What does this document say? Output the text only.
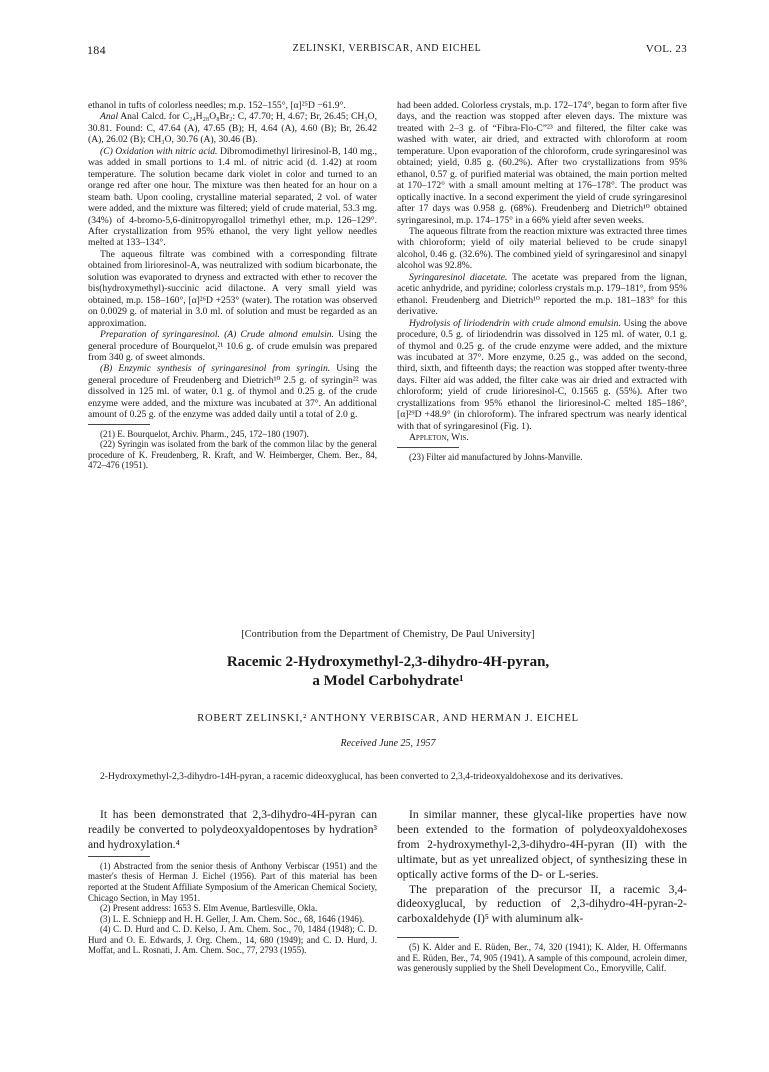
184	ZELINSKI, VERBISCAR, AND EICHEL	VOL. 23

ethanol in tufts of colorless needles; m.p. 152–155°, [α]²⁵D −61.9°.

Anal Anal Calcd. for C₂₄H₂₈O₈Br₂: C, 47.70; H, 4.67; Br, 26.45; CH₃O, 30.81. Found: C, 47.64 (A), 47.65 (B); H, 4.64 (A), 4.60 (B); Br, 26.42 (A), 26.02 (B); CH₃O, 30.76 (A), 30.46 (B).

(C) Oxidation with nitric acid. Dibromodimethyl liriresinol-B, 140 mg., was added in small portions to 1.4 ml. of nitric acid (d. 1.42) at room temperature. The solution became dark violet in color and turned to an orange red after one hour. The mixture was then heated for an hour on a steam bath. Upon cooling, crystalline material separated, 2 vol. of water were added, and the mixture was filtered; yield of crude material, 53.3 mg. (34%) of 4-bromo-5,6-dinitropyrogallol trimethyl ether, m.p. 126–129°. After crystallization from 95% ethanol, the very light yellow needles melted at 133–134°.

The aqueous filtrate was combined with a corresponding filtrate obtained from lirioresinol-A, was neutralized with sodium bicarbonate, the solution was evaporated to dryness and extracted with ether to recover the bis(hydroxymethyl)-succinic acid dilactone. A very small yield was obtained, m.p. 158–160°, [α]²⁶D +253° (water). The rotation was observed on 0.0029 g. of material in 3.0 ml. of solution and must be regarded as an approximation.

Preparation of syringaresinol. (A) Crude almond emulsin. Using the general procedure of Bourquelot,²¹ 10.6 g. of crude emulsin was prepared from 340 g. of sweet almonds.

(B) Enzymic synthesis of syringaresinol from syringin. Using the general procedure of Freudenberg and Dietrich¹⁰ 2.5 g. of syringin²² was dissolved in 125 ml. of water, 0.1 g. of thymol and 0.25 g. of the crude enzyme were added, and the mixture was incubated at 37°. An additional amount of 0.25 g. of the enzyme was added daily until a total of 2.0 g.

(21) E. Bourquelot, Archiv. Pharm., 245, 172–180 (1907).

(22) Syringin was isolated from the bark of the common lilac by the general procedure of K. Freudenberg, R. Kraft, and W. Heimberger, Chem. Ber., 84, 472–476 (1951).

had been added. Colorless crystals, m.p. 172–174°, began to form after five days, and the reaction was stopped after eleven days. The mixture was treated with 2–3 g. of “Fibra-Flo-C”²³ and filtered, the filter cake was washed with water, air dried, and extracted with chloroform at room temperature. Upon evaporation of the chloroform, crude syringaresinol was obtained; yield, 0.85 g. (60.2%). After two crystallizations from 95% ethanol, 0.57 g. of purified material was obtained, the main portion melted at 170–172° with a small amount melting at 176–178°. The product was optically inactive. In a second experiment the yield of crude syringaresinol after 17 days was 0.958 g. (68%). Freudenberg and Dietrich¹⁰ obtained syringaresinol, m.p. 174–175° in a 66% yield after seven weeks.

The aqueous filtrate from the reaction mixture was extracted three times with chloroform; yield of oily material believed to be crude sinapyl alcohol, 0.46 g. (32.6%). The combined yield of syringaresinol and sinapyl alcohol was 92.8%.

Syringaresinol diacetate. The acetate was prepared from the lignan, acetic anhydride, and pyridine; colorless crystals m.p. 179–181°, from 95% ethanol. Freudenberg and Dietrich¹⁰ reported the m.p. 181–183° for this derivative.

Hydrolysis of liriodendrin with crude almond emulsin. Using the above procedure, 0.5 g. of liriodendrin was dissolved in 125 ml. of water, 0.1 g. of thymol and 0.25 g. of the crude enzyme were added, and the mixture was incubated at 37°. More enzyme, 0.25 g., was added on the second, third, sixth, and fifteenth days; the reaction was stopped after twenty-three days. Filter aid was added, the filter cake was air dried and extracted with chloroform; yield of crude lirioresinol-C, 0.1565 g. (55%). After two crystallizations from 95% ethanol the lirioresinol-C melted 185–186°, [α]²⁹D +48.9° (in chloroform). The infrared spectrum was nearly identical with that of syringaresinol (Fig. 1).

Appleton, Wis.

(23) Filter aid manufactured by Johns-Manville.

[Contribution from the Department of Chemistry, De Paul University]
Racemic 2-Hydroxymethyl-2,3-dihydro-4H-pyran,
a Model Carbohydrate¹
ROBERT ZELINSKI,² ANTHONY VERBISCAR, AND HERMAN J. EICHEL
Received June 25, 1957
2-Hydroxymethyl-2,3-dihydro-14H-pyran, a racemic dideoxyglucal, has been converted to 2,3,4-trideoxyaldohexose and its derivatives.

It has been demonstrated that 2,3-dihydro-4H-pyran can readily be converted to polydeoxyaldopentoses by hydration³ and hydroxylation.⁴

(1) Abstracted from the senior thesis of Anthony Verbiscar (1951) and the master's thesis of Herman J. Eichel (1956). Part of this material has been reported at the Student Affiliate Symposium of the American Chemical Society, Chicago Section, in May 1951.

(2) Present address: 1653 S. Elm Avenue, Bartlesville, Okla.

(3) L. E. Schniepp and H. H. Geller, J. Am. Chem. Soc., 68, 1646 (1946).

(4) C. D. Hurd and C. D. Kelso, J. Am. Chem. Soc., 70, 1484 (1948); C. D. Hurd and O. E. Edwards, J. Org. Chem., 14, 680 (1949); and C. D. Hurd, J. Moffat, and L. Rosnati, J. Am. Chem. Soc., 77, 2793 (1955).

In similar manner, these glycal-like properties have now been extended to the formation of polydeoxyaldohexoses from 2-hydroxymethyl-2,3-dihydro-4H-pyran (II) with the ultimate, but as yet unrealized object, of synthesizing these in optically active forms of the D- or L-series.

The preparation of the precursor II, a racemic 3,4-dideoxyglucal, by reduction of 2,3-dihydro-4H-pyran-2-carboxaldehyde (I)⁵ with aluminum alk-

(5) K. Alder and E. Rüden, Ber., 74, 320 (1941); K. Alder, H. Offermanns and E. Rüden, Ber., 74, 905 (1941). A sample of this compound, acrolein dimer, was generously supplied by the Shell Development Co., Emoryville, Calif.
